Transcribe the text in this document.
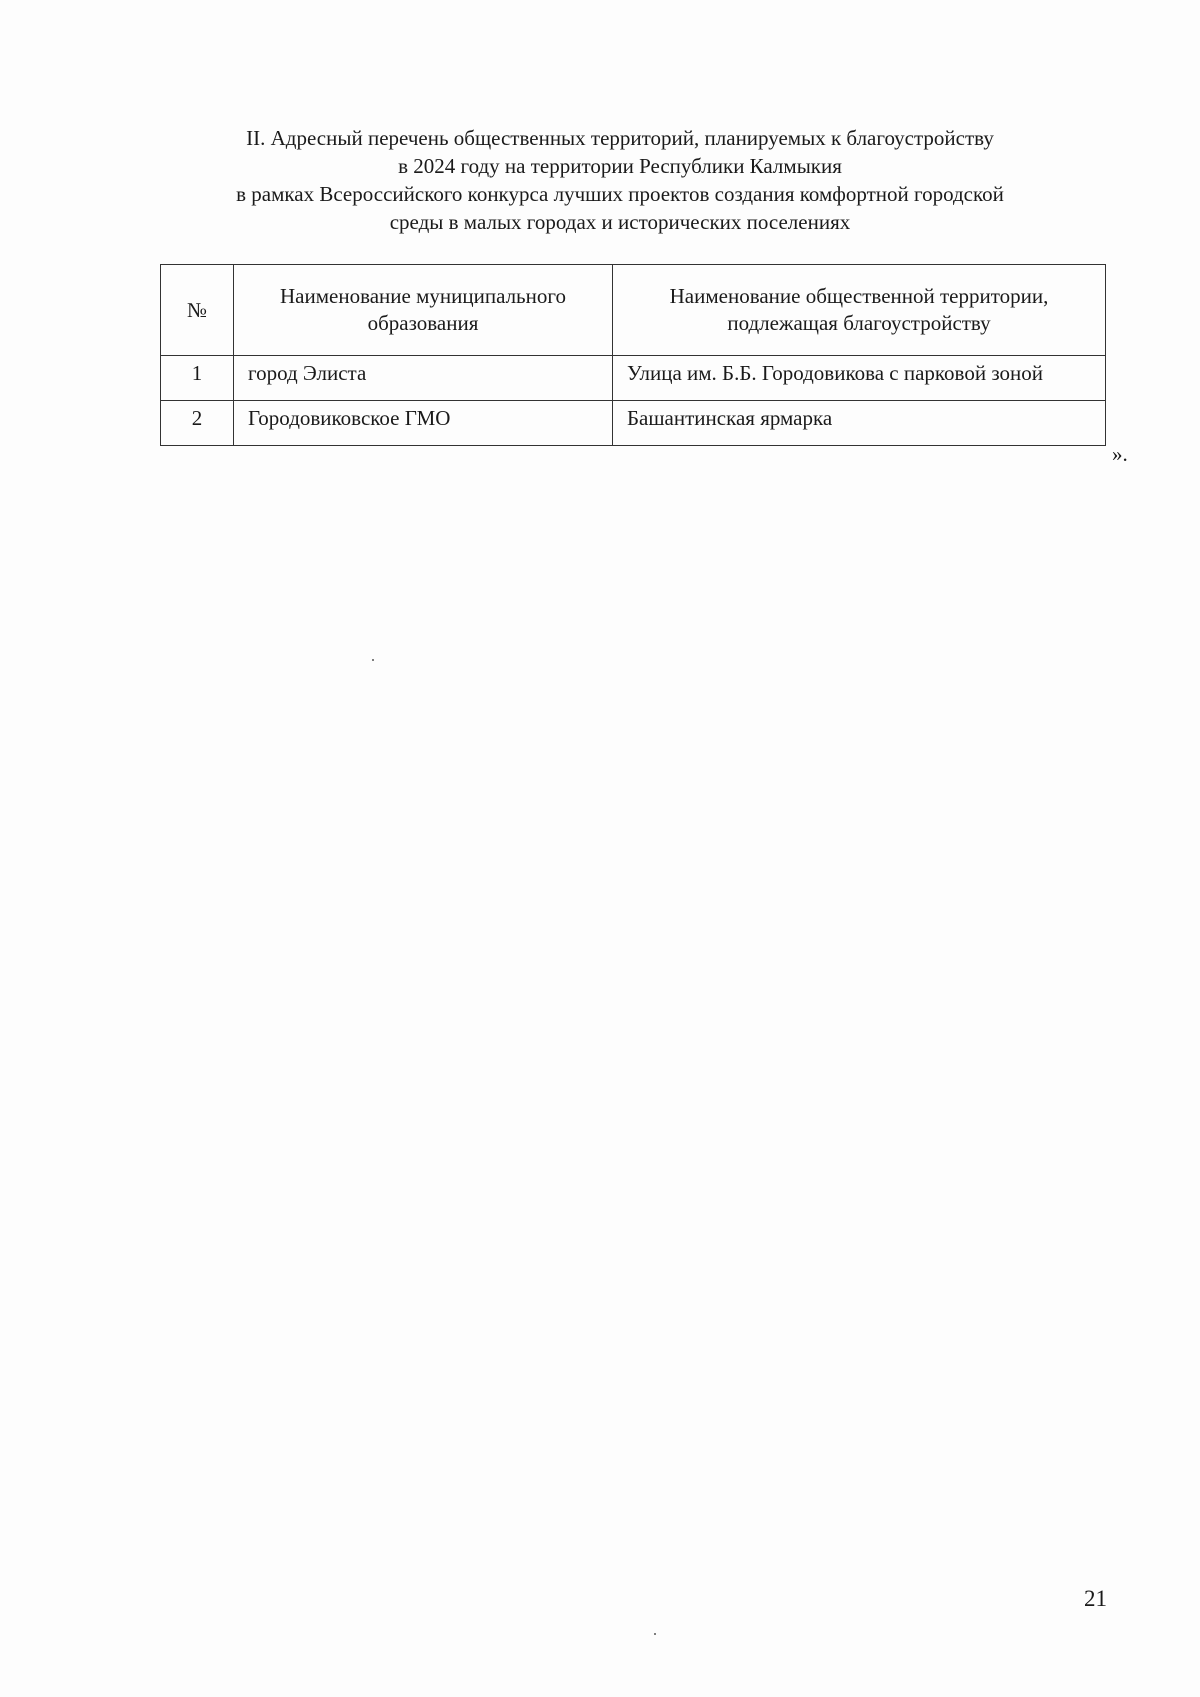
II. Адресный перечень общественных территорий, планируемых к благоустройству
в 2024 году на территории Республики Калмыкия
в рамках Всероссийского конкурса лучших проектов создания комфортной городской
среды в малых городах и исторических поселениях
№	Наименование муниципального образования	Наименование общественной территории, подлежащая благоустройству
1	город Элиста	Улица им. Б.Б. Городовикова с парковой зоной
2	Городовиковское ГМО	Башантинская ярмарка
».
21
